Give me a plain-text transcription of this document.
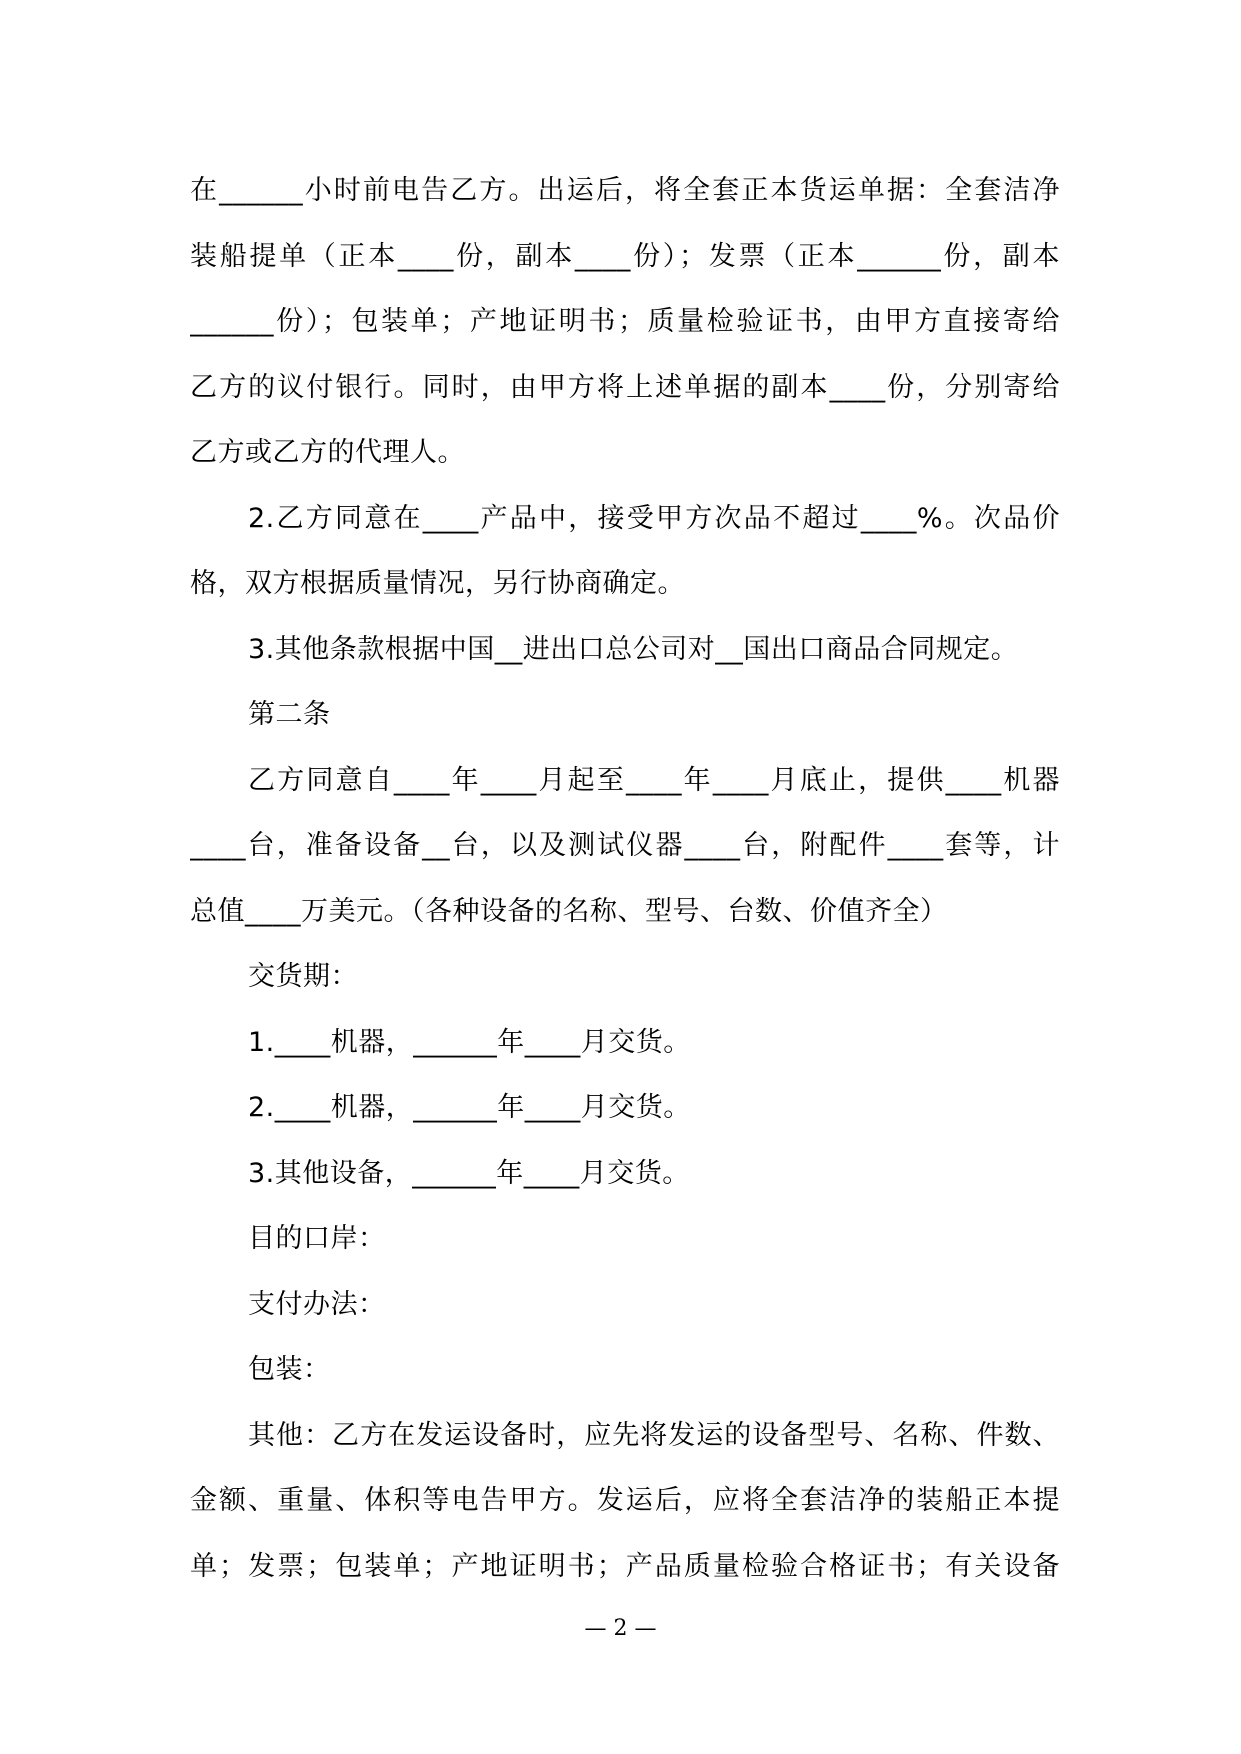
在______小时前电告乙方。出运后，将全套正本货运单据：全套洁净
装船提单（正本____份，副本____份）；发票（正本______份，副本
______份）；包装单；产地证明书；质量检验证书，由甲方直接寄给
乙方的议付银行。同时，由甲方将上述单据的副本____份，分别寄给
乙方或乙方的代理人。
2.乙方同意在____产品中，接受甲方次品不超过____%。次品价
格，双方根据质量情况，另行协商确定。
3.其他条款根据中国__进出口总公司对__国出口商品合同规定。
第二条
乙方同意自____年____月起至____年____月底止，提供____机器
____台，准备设备__台，以及测试仪器____台，附配件____套等，计
总值____万美元。（各种设备的名称、型号、台数、价值齐全）
交货期：
1.____机器，______年____月交货。
2.____机器，______年____月交货。
3.其他设备，______年____月交货。
目的口岸：
支付办法：
包装：
其他：乙方在发运设备时，应先将发运的设备型号、名称、件数、
金额、重量、体积等电告甲方。发运后，应将全套洁净的装船正本提
单；发票；包装单；产地证明书；产品质量检验合格证书；有关设备
— 2 —
